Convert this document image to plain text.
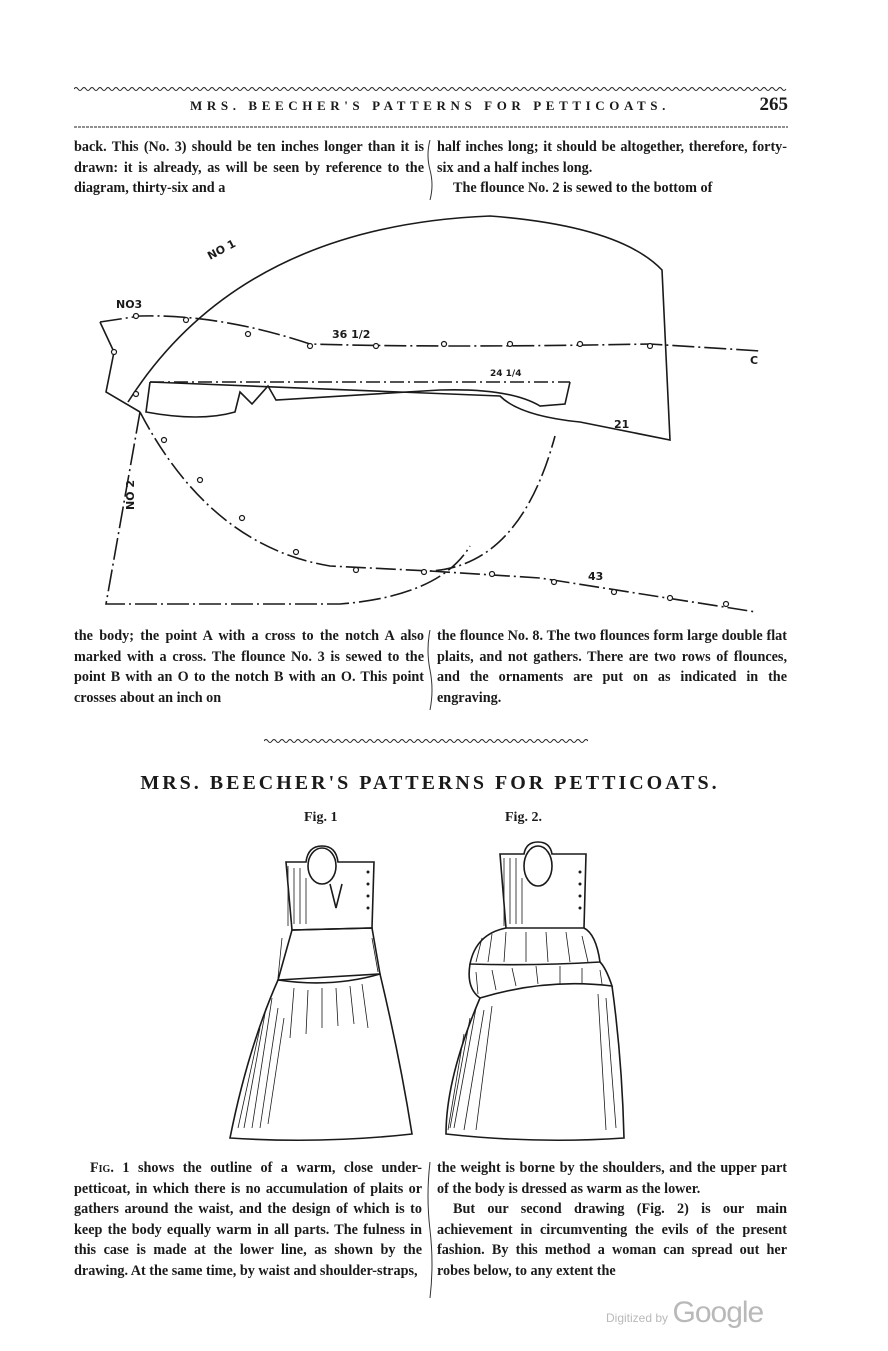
MRS. BEECHER'S PATTERNS FOR PETTICOATS.	265

back. This (No. 3) should be ten inches longer than it is drawn: it is already, as will be seen by reference to the diagram, thirty-six and a

half inches long; it should be altogether, therefore, forty-six and a half inches long.

The flounce No. 2 is sewed to the bottom of

NO 1
NO3
36 1/2
24 1/4
21
43
C
NO 2

the body; the point A with a cross to the notch A also marked with a cross. The flounce No. 3 is sewed to the point B with an O to the notch B with an O. This point crosses about an inch on

the flounce No. 8. The two flounces form large double flat plaits, and not gathers. There are two rows of flounces, and the ornaments are put on as indicated in the engraving.

MRS. BEECHER'S PATTERNS FOR PETTICOATS.
Fig. 1	Fig. 2.

Fig. 1 shows the outline of a warm, close under-petticoat, in which there is no accumulation of plaits or gathers around the waist, and the design of which is to keep the body equally warm in all parts. The fulness in this case is made at the lower line, as shown by the drawing. At the same time, by waist and shoulder-straps,

the weight is borne by the shoulders, and the upper part of the body is dressed as warm as the lower.

But our second drawing (Fig. 2) is our main achievement in circumventing the evils of the present fashion. By this method a woman can spread out her robes below, to any extent the

Digitized by Google
